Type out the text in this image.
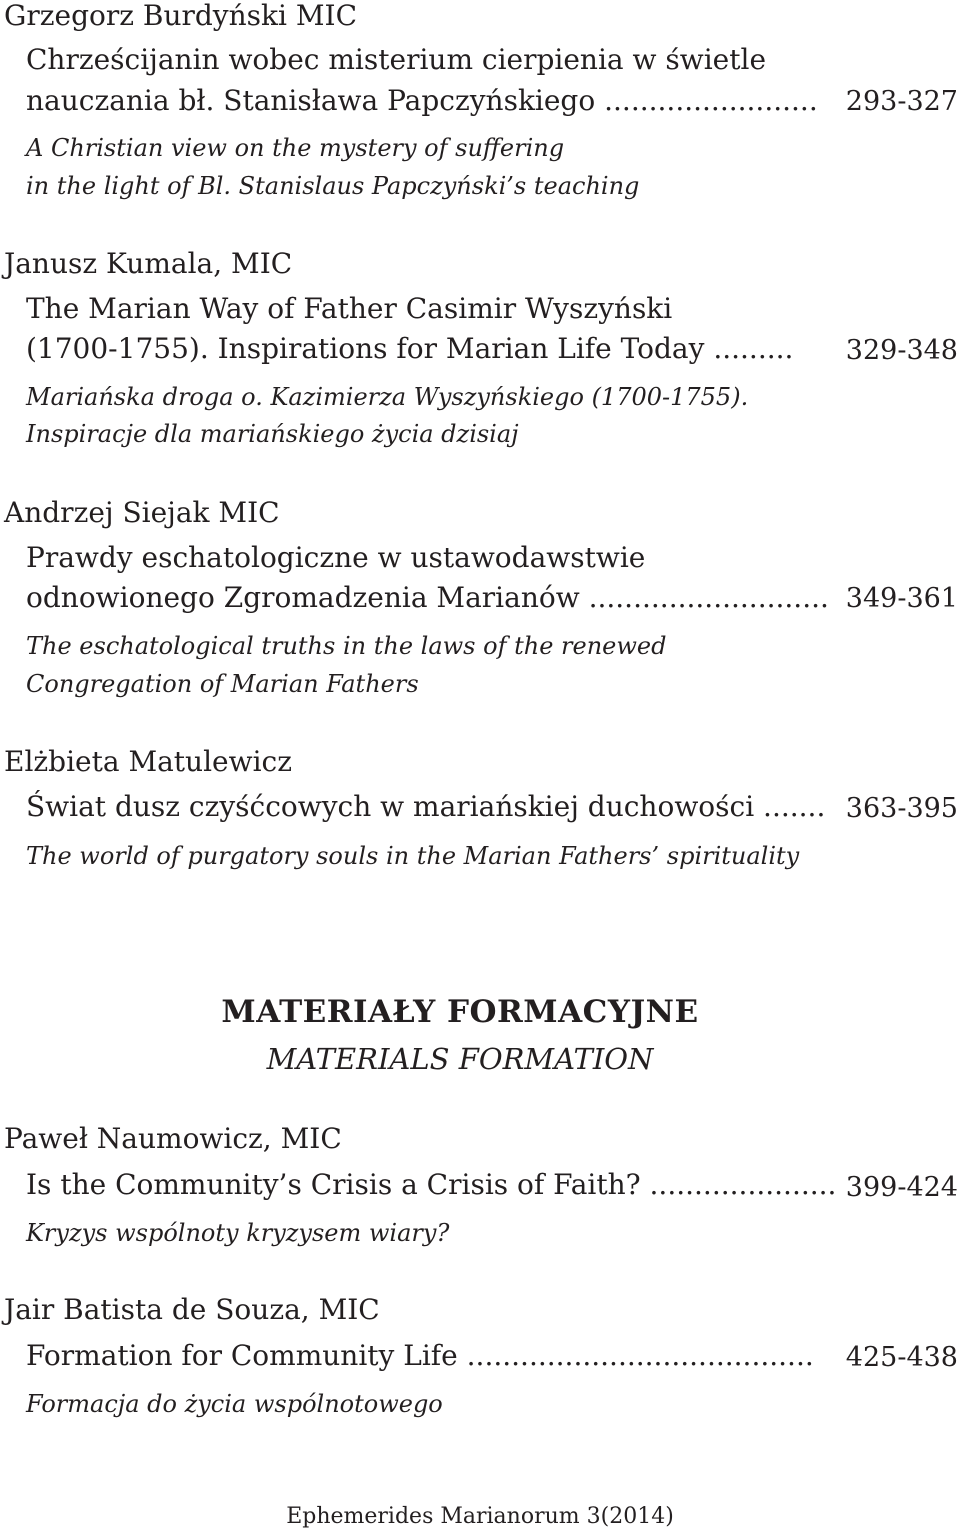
Grzegorz Burdyński MIC
Chrześcijanin wobec misterium cierpienia w świetle
nauczania bł. Stanisława Papczyńskiego ........................ 293-327
A Christian view on the mystery of suffering
in the light of Bl. Stanislaus Papczyński’s teaching
Janusz Kumala, MIC
The Marian Way of Father Casimir Wyszyński
(1700-1755). Inspirations for Marian Life Today ......... 329-348
Mariańska droga o. Kazimierza Wyszyńskiego (1700-1755).
Inspiracje dla mariańskiego życia dzisiaj
Andrzej Siejak MIC
Prawdy eschatologiczne w ustawodawstwie
odnowionego Zgromadzenia Marianów ........................... 349-361
The eschatological truths in the laws of the renewed
Congregation of Marian Fathers
Elżbieta Matulewicz
Świat dusz czyśćcowych w mariańskiej duchowości ....... 363-395
The world of purgatory souls in the Marian Fathers’ spirituality
MATERIAŁY FORMACYJNE
MATERIALS FORMATION
Paweł Naumowicz, MIC
Is the Community’s Crisis a Crisis of Faith? ..................... 399-424
Kryzys wspólnoty kryzysem wiary?
Jair Batista de Souza, MIC
Formation for Community Life ....................................... 425-438
Formacja do życia wspólnotowego
Ephemerides Marianorum 3(2014)
